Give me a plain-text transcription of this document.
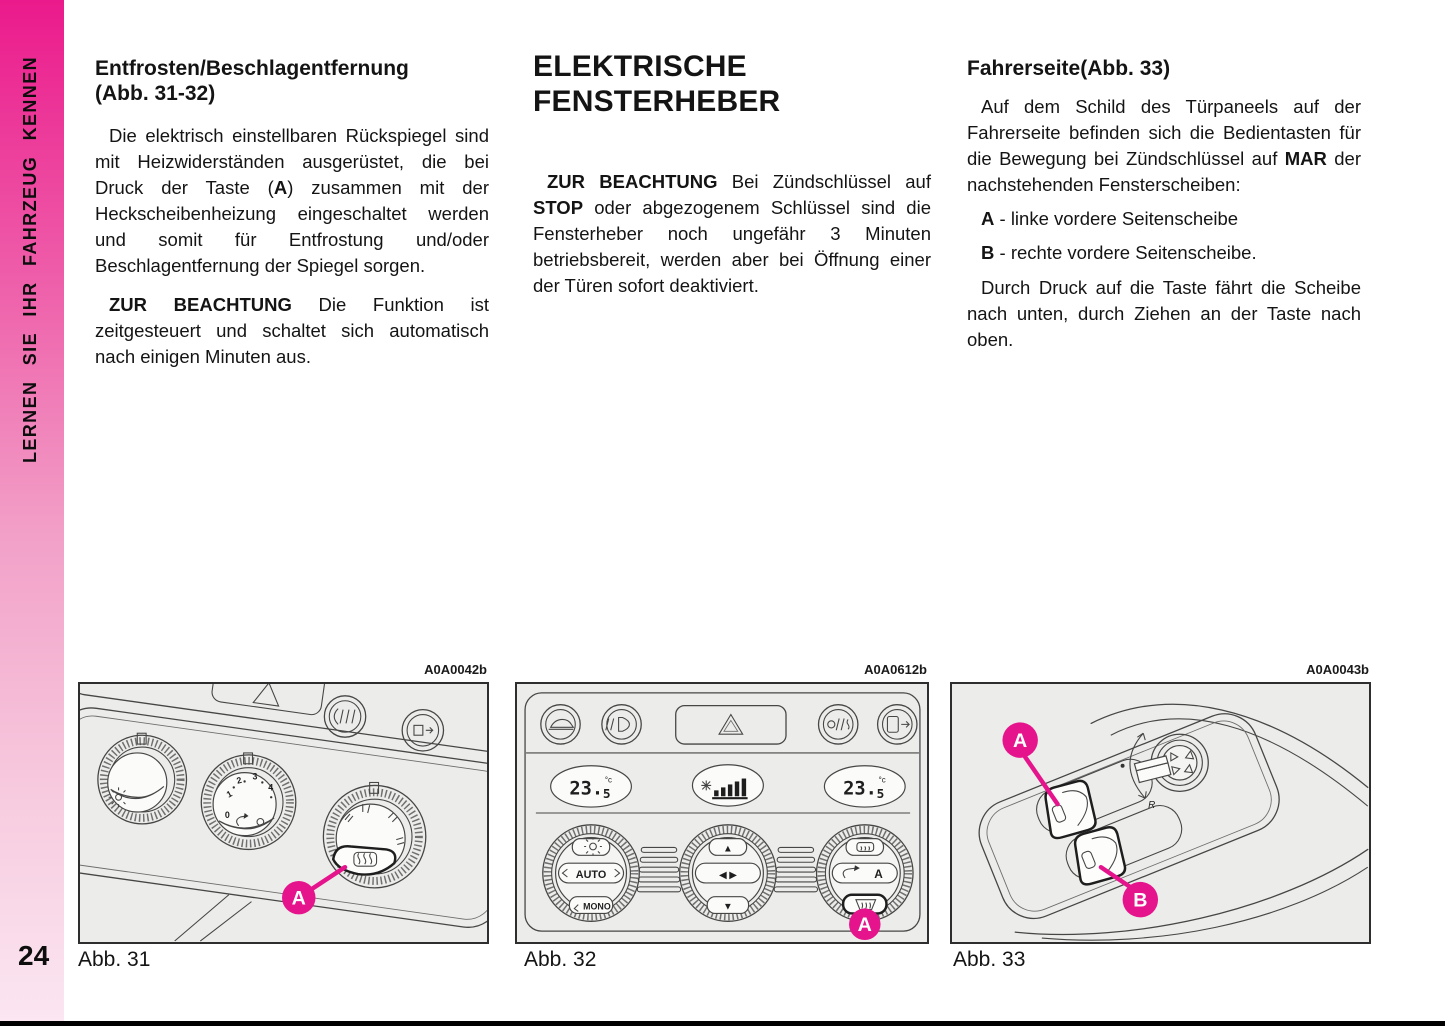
LERNEN SIE IHR FAHRZEUG KENNEN	Entfrosten/Beschlagentfernung
(Abb. 31-32)

Die elektrisch einstellbaren Rückspiegel sind mit Heizwiderständen ausgerüstet, die bei Druck der Taste (A) zusammen mit der Heckscheibenheizung eingeschaltet werden und somit für Entfrostung und/oder Beschlagentfernung der Spiegel sorgen.

ZUR BEACHTUNG Die Funktion ist zeitgesteuert und schaltet sich automatisch nach einigen Minuten aus.

ELEKTRISCHE
FENSTERHEBER

ZUR BEACHTUNG Bei Zündschlüssel auf STOP oder abgezogenem Schlüssel sind die Fensterheber noch ungefähr 3 Minuten betriebsbereit, werden aber bei Öffnung einer der Türen sofort deaktiviert.

Fahrerseite(Abb. 33)

Auf dem Schild des Türpaneels auf der Fahrerseite befinden sich die Bedientasten für die Bewegung bei Zündschlüssel auf MAR der nachstehenden Fensterscheiben:

A - linke vordere Seitenscheibe

B - rechte vordere Seitenscheibe.

Durch Druck auf die Taste fährt die Scheibe nach unten, durch Ziehen an der Taste nach oben.

A0A0042b	A0A0612b	A0A0043b
0
1
2 3
4
A
23. 5
°c	23. 5
°c
AUTO
MONO
▲
◀ ▶
▼
A
A
R
A
B
Abb. 31	Abb. 32	Abb. 33
24
